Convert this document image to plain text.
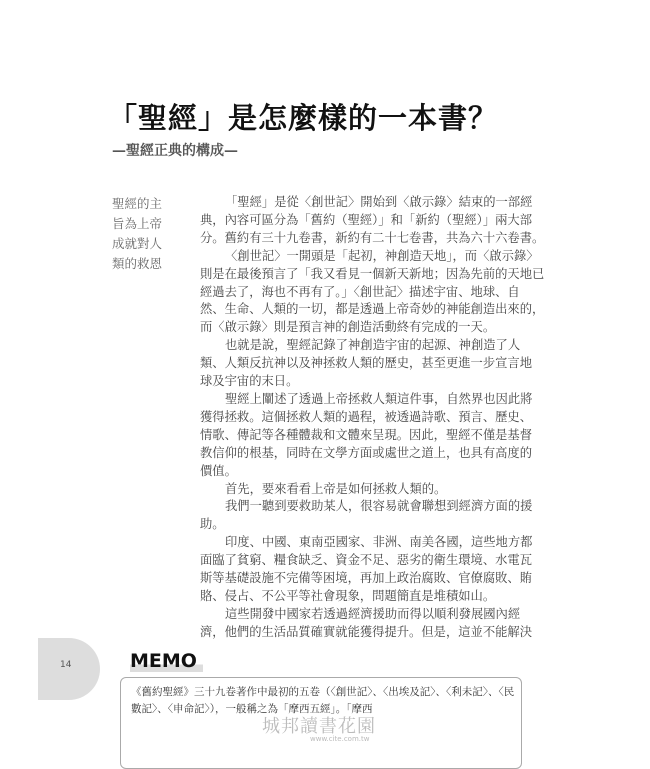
「聖經」是怎麼樣的一本書？
—聖經正典的構成—
聖經的主
旨為上帝
成就對人
類的救恩
「聖經」是從〈創世記〉開始到〈啟示錄〉結束的一部經
典，內容可區分為「舊約（聖經）」和「新約（聖經）」兩大部
分。舊約有三十九卷書，新約有二十七卷書，共為六十六卷書。
〈創世記〉一開頭是「起初，神創造天地」，而〈啟示錄〉
則是在最後預言了「我又看見一個新天新地；因為先前的天地已
經過去了，海也不再有了。」〈創世記〉描述宇宙、地球、自
然、生命、人類的一切，都是透過上帝奇妙的神能創造出來的，
而〈啟示錄〉則是預言神的創造活動終有完成的一天。
也就是說，聖經記錄了神創造宇宙的起源、神創造了人
類、人類反抗神以及神拯救人類的歷史，甚至更進一步宣言地
球及宇宙的末日。
聖經上闡述了透過上帝拯救人類這件事，自然界也因此將
獲得拯救。這個拯救人類的過程，被透過詩歌、預言、歷史、
情歌、傳記等各種體裁和文體來呈現。因此，聖經不僅是基督
教信仰的根基，同時在文學方面或處世之道上，也具有高度的
價值。
首先，要來看看上帝是如何拯救人類的。
我們一聽到要救助某人，很容易就會聯想到經濟方面的援
助。
印度、中國、東南亞國家、非洲、南美各國，這些地方都
面臨了貧窮、糧食缺乏、資金不足、惡劣的衛生環境、水電瓦
斯等基礎設施不完備等困境，再加上政治腐敗、官僚腐敗、賄
賂、侵占、不公平等社會現象，問題簡直是堆積如山。
這些開發中國家若透過經濟援助而得以順利發展國內經
濟，他們的生活品質確實就能獲得提升。但是，這並不能解決
14	MEMO
《舊約聖經》三十九卷著作中最初的五卷（〈創世記〉、〈出埃及記〉、〈利未記〉、〈民數記〉、〈申命記〉），一般稱之為「摩西五經」。「摩西
城邦讀書花園
www.cite.com.tw
